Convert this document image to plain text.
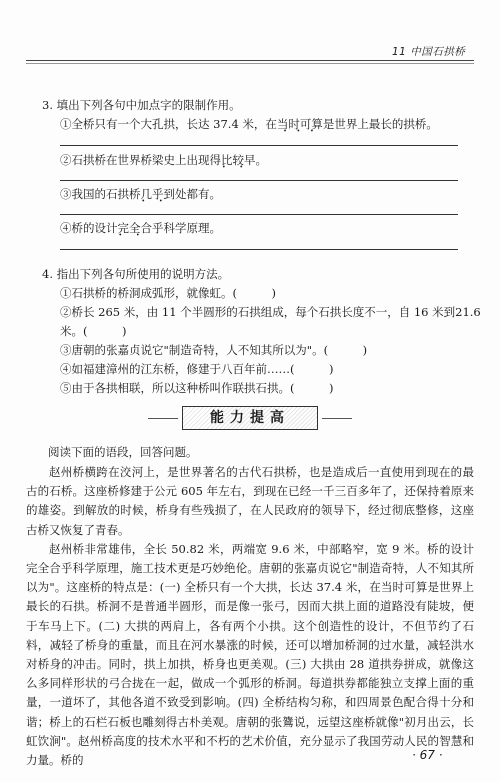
11 中国石拱桥
3. 填出下列各句中加点字的限制作用。
①全桥只有一个大孔拱，长达 37.4 米，在当时可算 • • •是世界上最长的拱桥。
②石拱桥在世界桥梁史上出现得比较 • •早。
③我国的石拱桥几乎 • •到处都有。
④桥的设计完全 • •合乎科学原理。
4. 指出下列各句所使用的说明方法。
①石拱桥的桥洞成弧形，就像虹。(　　　)
②桥长 265 米，由 11 个半圆形的石拱组成，每个石拱长度不一，自 16 米到21.6
米。(　　　)
③唐朝的张嘉贞说它"制造奇特，人不知其所以为"。(　　　)
④如福建漳州的江东桥，修建于八百年前……(　　　)
⑤由于各拱相联，所以这种桥叫作联拱石拱。(　　　)
能力提高
阅读下面的语段，回答问题。

赵州桥横跨在洨河上，是世界著名的古代石拱桥，也是造成后一直使用到现在的最古的石桥。这座桥修建于公元 605 年左右，到现在已经一千三百多年了，还保持着原来的雄姿。到解放的时候，桥身有些残损了，在人民政府的领导下，经过彻底整修，这座古桥又恢复了青春。

赵州桥非常雄伟，全长 50.82 米，两端宽 9.6 米，中部略窄，宽 9 米。桥的设计完全合乎科学原理，施工技术更是巧妙绝伦。唐朝的张嘉贞说它"制造奇特，人不知其所以为"。这座桥的特点是：(一) 全桥只有一个大拱，长达 37.4 米，在当时可算是世界上最长的石拱。桥洞不是普通半圆形，而是像一张弓，因而大拱上面的道路没有陡坡，便于车马上下。(二) 大拱的两肩上，各有两个小拱。这个创造性的设计，不但节约了石料，减轻了桥身的重量，而且在河水暴涨的时候，还可以增加桥洞的过水量，减轻洪水对桥身的冲击。同时，拱上加拱，桥身也更美观。(三) 大拱由 28 道拱券拼成，就像这么多同样形状的弓合拢在一起，做成一个弧形的桥洞。每道拱券都能独立支撑上面的重量，一道坏了，其他各道不致受到影响。(四) 全桥结构匀称，和四周景色配合得十分和谐；桥上的石栏石板也雕刻得古朴美观。唐朝的张鷟说，远望这座桥就像"初月出云，长虹饮涧"。赵州桥高度的技术水平和不朽的艺术价值，充分显示了我国劳动人民的智慧和力量。桥的	· 67 ·
